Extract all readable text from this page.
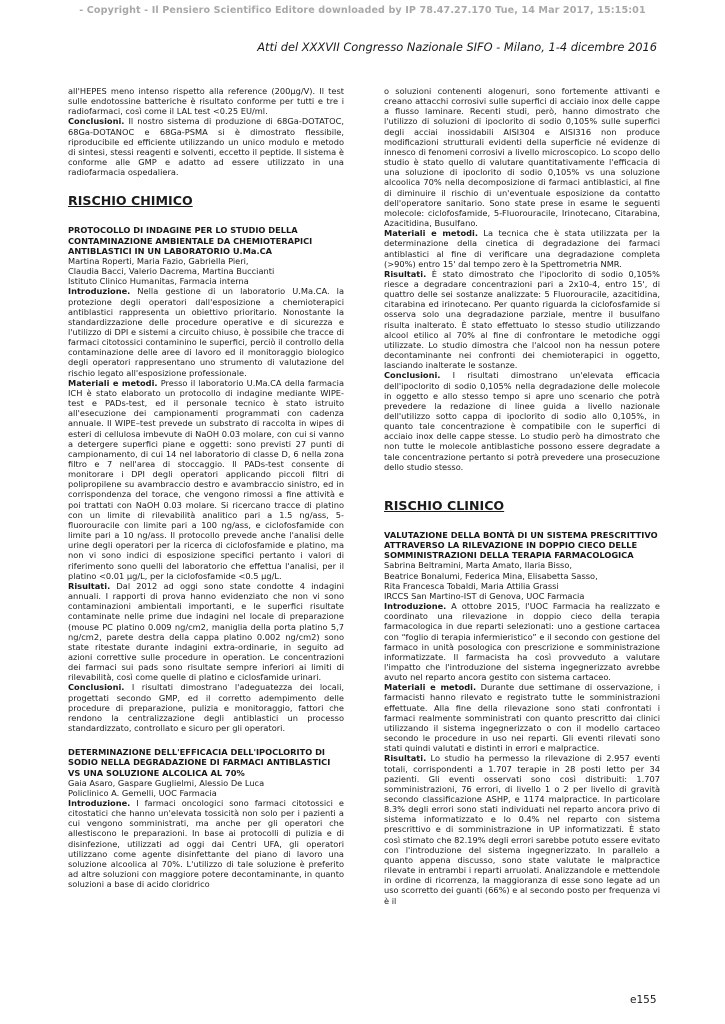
- Copyright - Il Pensiero Scientifico Editore downloaded by IP 78.47.27.170 Tue, 14 Mar 2017, 15:15:01
Atti del XXXVII Congresso Nazionale SIFO - Milano, 1-4 dicembre 2016

all'HEPES meno intenso rispetto alla reference (200µg/V). Il test sulle endotossine batteriche è risultato conforme per tutti e tre i radiofarmaci, così come il LAL test <0.25 EU/ml.

Conclusioni. Il nostro sistema di produzione di 68Ga-DOTATOC, 68Ga-DOTANOC e 68Ga-PSMA si è dimostrato flessibile, riproducibile ed efficiente utilizzando un unico modulo e metodo di sintesi, stessi reagenti e solventi, eccetto il peptide. Il sistema è conforme alle GMP e adatto ad essere utilizzato in una radiofarmacia ospedaliera.

RISCHIO CHIMICO
PROTOCOLLO DI INDAGINE PER LO STUDIO DELLA CONTAMINAZIONE AMBIENTALE DA CHEMIOTERAPICI ANTIBLASTICI IN UN LABORATORIO U.Ma.CA
Martina Roperti, Maria Fazio, Gabriella Pieri,
Claudia Bacci, Valerio Dacrema, Martina Buccianti
Istituto Clinico Humanitas, Farmacia interna

Introduzione. Nella gestione di un laboratorio U.Ma.CA. la protezione degli operatori dall'esposizione a chemioterapici antiblastici rappresenta un obiettivo prioritario. Nonostante la standardizzazione delle procedure operative e di sicurezza e l'utilizzo di DPI e sistemi a circuito chiuso, è possibile che tracce di farmaci citotossici contaminino le superfici, perciò il controllo della contaminazione delle aree di lavoro ed il monitoraggio biologico degli operatori rappresentano uno strumento di valutazione del rischio legato all'esposizione professionale.

Materiali e metodi. Presso il laboratorio U.Ma.CA della farmacia ICH è stato elaborato un protocollo di indagine mediante WIPE-test e PADs-test, ed il personale tecnico è stato istruito all'esecuzione dei campionamenti programmati con cadenza annuale. Il WIPE–test prevede un substrato di raccolta in wipes di esteri di cellulosa imbevute di NaOH 0.03 molare, con cui si vanno a detergere superfici piane e oggetti: sono previsti 27 punti di campionamento, di cui 14 nel laboratorio di classe D, 6 nella zona filtro e 7 nell'area di stoccaggio. Il PADs-test consente di monitorare i DPI degli operatori applicando piccoli filtri di polipropilene su avambraccio destro e avambraccio sinistro, ed in corrispondenza del torace, che vengono rimossi a fine attività e poi trattati con NaOH 0.03 molare. Si ricercano tracce di platino con un limite di rilevabilità analitico pari a 1.5 ng/ass, 5-fluorouracile con limite pari a 100 ng/ass, e ciclofosfamide con limite pari a 10 ng/ass. Il protocollo prevede anche l'analisi delle urine degli operatori per la ricerca di ciclofosfamide e platino, ma non vi sono indici di esposizione specifici pertanto i valori di riferimento sono quelli del laboratorio che effettua l'analisi, per il platino <0.01 µg/L, per la ciclofosfamide <0.5 µg/L.

Risultati. Dal 2012 ad oggi sono state condotte 4 indagini annuali. I rapporti di prova hanno evidenziato che non vi sono contaminazioni ambientali importanti, e le superfici risultate contaminate nelle prime due indagini nel locale di preparazione (mouse PC platino 0.009 ng/cm2, maniglia della porta platino 5,7 ng/cm2, parete destra della cappa platino 0.002 ng/cm2) sono state ritestate durante indagini extra-ordinarie, in seguito ad azioni correttive sulle procedure in operation. Le concentrazioni dei farmaci sui pads sono risultate sempre inferiori ai limiti di rilevabilità, così come quelle di platino e ciclosfamide urinari.

Conclusioni. I risultati dimostrano l'adeguatezza dei locali, progettati secondo GMP, ed il corretto adempimento delle procedure di preparazione, pulizia e monitoraggio, fattori che rendono la centralizzazione degli antiblastici un processo standardizzato, controllato e sicuro per gli operatori.

DETERMINAZIONE DELL'EFFICACIA DELL'IPOCLORITO DI SODIO NELLA DEGRADAZIONE DI FARMACI ANTIBLASTICI VS UNA SOLUZIONE ALCOLICA AL 70%
Gaia Asaro, Gaspare Guglielmi, Alessio De Luca
Policlinico A. Gemelli, UOC Farmacia

Introduzione. I farmaci oncologici sono farmaci citotossici e citostatici che hanno un'elevata tossicità non solo per i pazienti a cui vengono somministrati, ma anche per gli operatori che allestiscono le preparazioni. In base ai protocolli di pulizia e di disinfezione, utilizzati ad oggi dai Centri UFA, gli operatori utilizzano come agente disinfettante del piano di lavoro una soluzione alcoolica al 70%. L'utilizzo di tale soluzione è preferito ad altre soluzioni con maggiore potere decontaminante, in quanto soluzioni a base di acido cloridrico

o soluzioni contenenti alogenuri, sono fortemente attivanti e creano attacchi corrosivi sulle superfici di acciaio inox delle cappe a flusso laminare. Recenti studi, però, hanno dimostrato che l'utilizzo di soluzioni di ipoclorito di sodio 0,105% sulle superfici degli acciai inossidabili AISI304 e AISI316 non produce modificazioni strutturali evidenti della superficie né evidenze di innesco di fenomeni corrosivi a livello microscopico. Lo scopo dello studio è stato quello di valutare quantitativamente l'efficacia di una soluzione di ipoclorito di sodio 0,105% vs una soluzione alcoolica 70% nella decomposizione di farmaci antiblastici, al fine di diminuire il rischio di un'eventuale esposizione da contatto dell'operatore sanitario. Sono state prese in esame le seguenti molecole: ciclofosfamide, 5-Fluorouracile, Irinotecano, Citarabina, Azacitidina, Busulfano.

Materiali e metodi. La tecnica che è stata utilizzata per la determinazione della cinetica di degradazione dei farmaci antiblastici al fine di verificare una degradazione completa (>90%) entro 15' dal tempo zero è la Spettrometria NMR.

Risultati. È stato dimostrato che l'ipoclorito di sodio 0,105% riesce a degradare concentrazioni pari a 2x10-4, entro 15', di quattro delle sei sostanze analizzate: 5 Fluorouracile, azacitidina, citarabina ed irinotecano. Per quanto riguarda la ciclofosfamide si osserva solo una degradazione parziale, mentre il busulfano risulta inalterato. È stato effettuato lo stesso studio utilizzando alcool etilico al 70% al fine di confrontare le metodiche oggi utilizzate. Lo studio dimostra che l'alcool non ha nessun potere decontaminante nei confronti dei chemioterapici in oggetto, lasciando inalterate le sostanze.

Conclusioni. I risultati dimostrano un'elevata efficacia dell'ipoclorito di sodio 0,105% nella degradazione delle molecole in oggetto e allo stesso tempo si apre uno scenario che potrà prevedere la redazione di linee guida a livello nazionale dell'utilizzo sotto cappa di ipoclorito di sodio allo 0,105%, in quanto tale concentrazione è compatibile con le superfici di acciaio inox delle cappe stesse. Lo studio però ha dimostrato che non tutte le molecole antiblastiche possono essere degradate a tale concentrazione pertanto si potrà prevedere una prosecuzione dello studio stesso.

RISCHIO CLINICO
VALUTAZIONE DELLA BONTÀ DI UN SISTEMA PRESCRITTIVO ATTRAVERSO LA RILEVAZIONE IN DOPPIO CIECO DELLE SOMMINISTRAZIONI DELLA TERAPIA FARMACOLOGICA
Sabrina Beltramini, Marta Amato, Ilaria Bisso,
Beatrice Bonalumi, Federica Mina, Elisabetta Sasso,
Rita Francesca Tobaldi, Maria Attilia Grassi
IRCCS San Martino-IST di Genova, UOC Farmacia

Introduzione. A ottobre 2015, l'UOC Farmacia ha realizzato e coordinato una rilevazione in doppio cieco della terapia farmacologica in due reparti selezionati: uno a gestione cartacea con “foglio di terapia infermieristico” e il secondo con gestione del farmaco in unità posologica con prescrizione e somministrazione informatizzate. Il farmacista ha così provveduto a valutare l'impatto che l'introduzione del sistema ingegnerizzato avrebbe avuto nel reparto ancora gestito con sistema cartaceo.

Materiali e metodi. Durante due settimane di osservazione, i farmacisti hanno rilevato e registrato tutte le somministrazioni effettuate. Alla fine della rilevazione sono stati confrontati i farmaci realmente somministrati con quanto prescritto dai clinici utilizzando il sistema ingegnerizzato o con il modello cartaceo secondo le procedure in uso nei reparti. Gli eventi rilevati sono stati quindi valutati e distinti in errori e malpractice.

Risultati. Lo studio ha permesso la rilevazione di 2.957 eventi totali, corrispondenti a 1.707 terapie in 28 posti letto per 34 pazienti. Gli eventi osservati sono così distribuiti: 1.707 somministrazioni, 76 errori, di livello 1 o 2 per livello di gravità secondo classificazione ASHP, e 1174 malpractice. In particolare 8.3% degli errori sono stati individuati nel reparto ancora privo di sistema informatizzato e lo 0.4% nel reparto con sistema prescrittivo e di somministrazione in UP informatizzati. È stato così stimato che 82.19% degli errori sarebbe potuto essere evitato con l'introduzione del sistema ingegnerizzato. In parallelo a quanto appena discusso, sono state valutate le malpractice rilevate in entrambi i reparti arruolati. Analizzandole e mettendole in ordine di ricorrenza, la maggioranza di esse sono legate ad un uso scorretto dei guanti (66%) e al secondo posto per frequenza vi è il

e155
